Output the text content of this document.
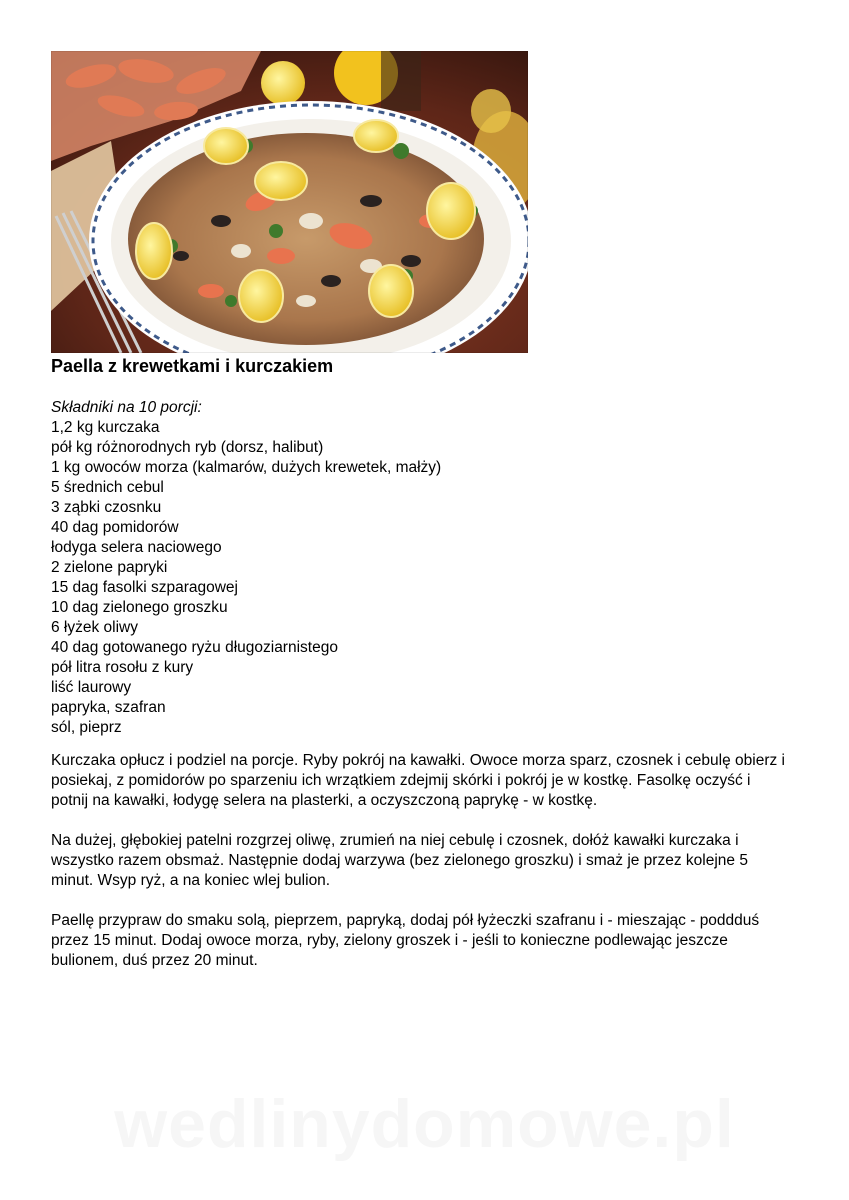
Paella z krewetkami i kurczakiem
Składniki na 10 porcji:
1,2 kg kurczaka
pół kg różnorodnych ryb (dorsz, halibut)
1 kg owoców morza (kalmarów, dużych krewetek, małży)
5 średnich cebul
3 ząbki czosnku
40 dag pomidorów
łodyga selera naciowego
2 zielone papryki
15 dag fasolki szparagowej
10 dag zielonego groszku
6 łyżek oliwy
40 dag gotowanego ryżu długoziarnistego
pół litra rosołu z kury
liść laurowy
papryka, szafran
sól, pieprz

Kurczaka opłucz i podziel na porcje. Ryby pokrój na kawałki. Owoce morza sparz, czosnek i cebulę obierz i posiekaj, z pomidorów po sparzeniu ich wrzątkiem zdejmij skórki i pokrój je w kostkę. Fasolkę oczyść i potnij na kawałki, łodygę selera na plasterki, a oczyszczoną paprykę - w kostkę.

Na dużej, głębokiej patelni rozgrzej oliwę, zrumień na niej cebulę i czosnek, dołóż kawałki kurczaka i wszystko razem obsmaż. Następnie dodaj warzywa (bez zielonego groszku) i smaż je przez kolejne 5 minut. Wsyp ryż, a na koniec wlej bulion.

Paellę przypraw do smaku solą, pieprzem, papryką, dodaj pół łyżeczki szafranu i - mieszając - poddduś przez 15 minut. Dodaj owoce morza, ryby, zielony groszek i - jeśli to konieczne podlewając jeszcze bulionem, duś przez 20 minut.

wedlinydomowe.pl
